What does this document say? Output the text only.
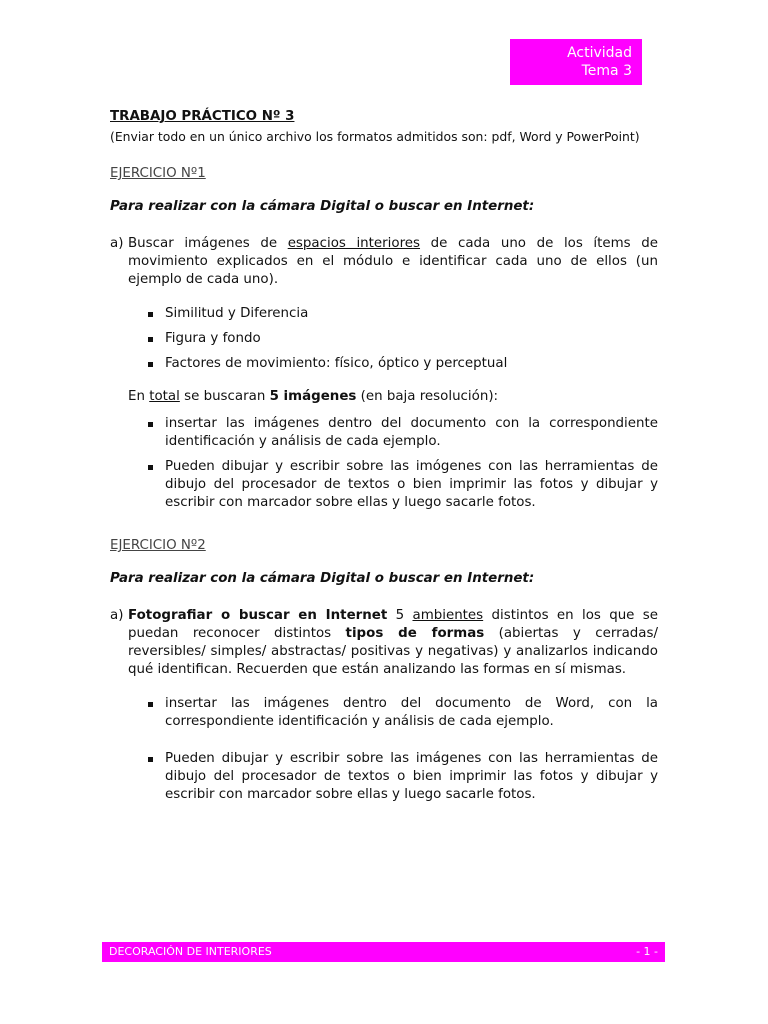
Actividad
Tema 3

TRABAJO PRÁCTICO Nº 3

(Enviar todo en un único archivo los formatos admitidos son: pdf, Word y PowerPoint)

EJERCICIO Nº1

Para realizar con la cámara Digital o buscar en Internet:

a) Buscar imágenes de espacios interiores de cada uno de los ítems de movimiento explicados en el módulo e identificar cada uno de ellos (un ejemplo de cada uno).
Similitud y Diferencia
Figura y fondo
Factores de movimiento: físico, óptico y perceptual

En total se buscaran 5 imágenes (en baja resolución):

insertar las imágenes dentro del documento con la correspondiente identificación y análisis de cada ejemplo.
Pueden dibujar y escribir sobre las imógenes con las herramientas de dibujo del procesador de textos o bien imprimir las fotos y dibujar y escribir con marcador sobre ellas y luego sacarle fotos.

EJERCICIO Nº2

Para realizar con la cámara Digital o buscar en Internet:

a) Fotografiar o buscar en Internet 5 ambientes distintos en los que se puedan reconocer distintos tipos de formas (abiertas y cerradas/ reversibles/ simples/ abstractas/ positivas y negativas) y analizarlos indicando qué identifican. Recuerden que están analizando las formas en sí mismas.
insertar las imágenes dentro del documento de Word, con la correspondiente identificación y análisis de cada ejemplo.
Pueden dibujar y escribir sobre las imágenes con las herramientas de dibujo del procesador de textos o bien imprimir las fotos y dibujar y escribir con marcador sobre ellas y luego sacarle fotos.
DECORACIÓN DE INTERIORES	- 1 -
